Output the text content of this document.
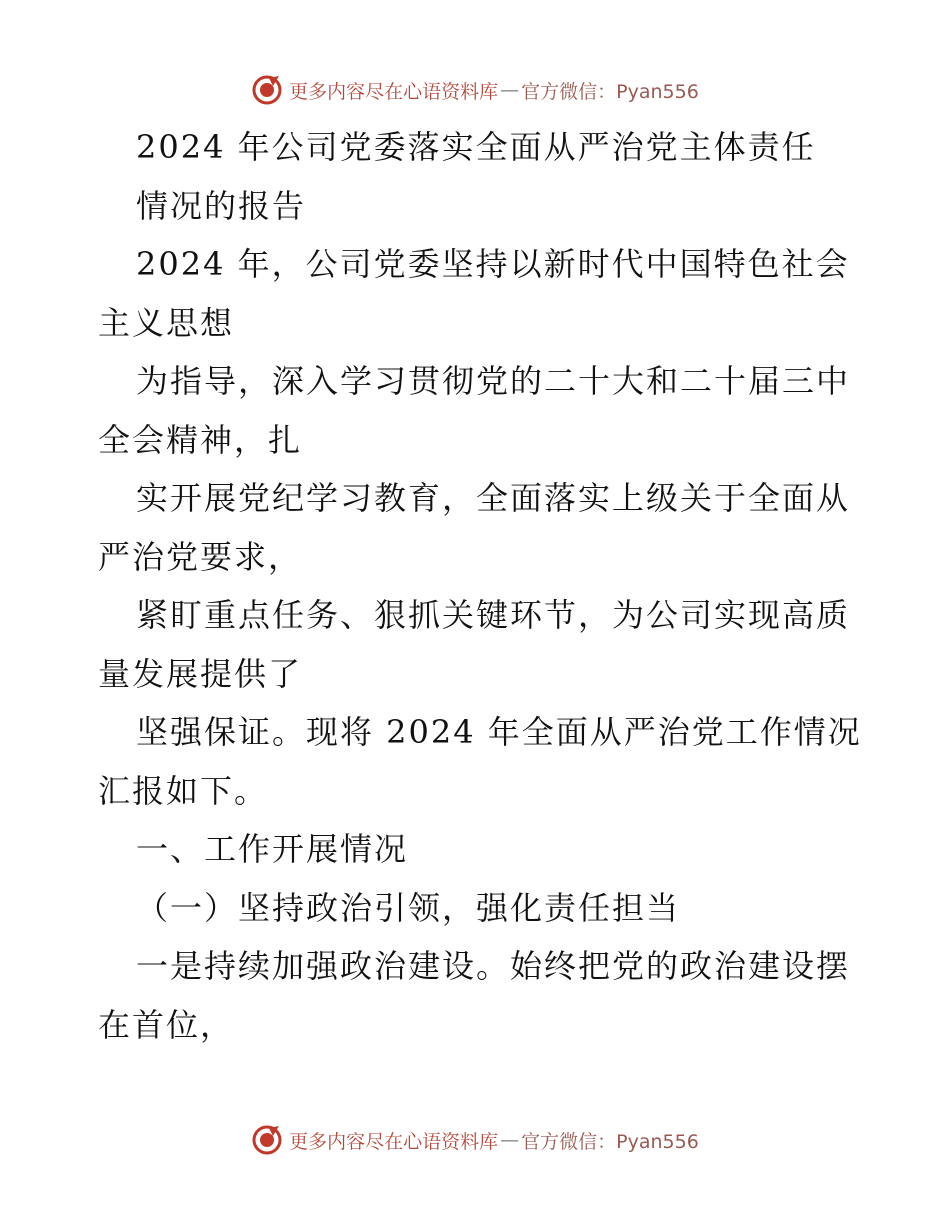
更多内容尽在心语资料库 — 官方微信：Pyan556
2024 年公司党委落实全面从严治党主体责任
情况的报告
2024 年，公司党委坚持以新时代中国特色社会
主义思想
为指导，深入学习贯彻党的二十大和二十届三中
全会精神，扎
实开展党纪学习教育，全面落实上级关于全面从
严治党要求，
紧盯重点任务、狠抓关键环节，为公司实现高质
量发展提供了
坚强保证。现将 2024 年全面从严治党工作情况
汇报如下。
一、工作开展情况
（一）坚持政治引领，强化责任担当
一是持续加强政治建设。始终把党的政治建设摆
在首位，
更多内容尽在心语资料库 — 官方微信：Pyan556
